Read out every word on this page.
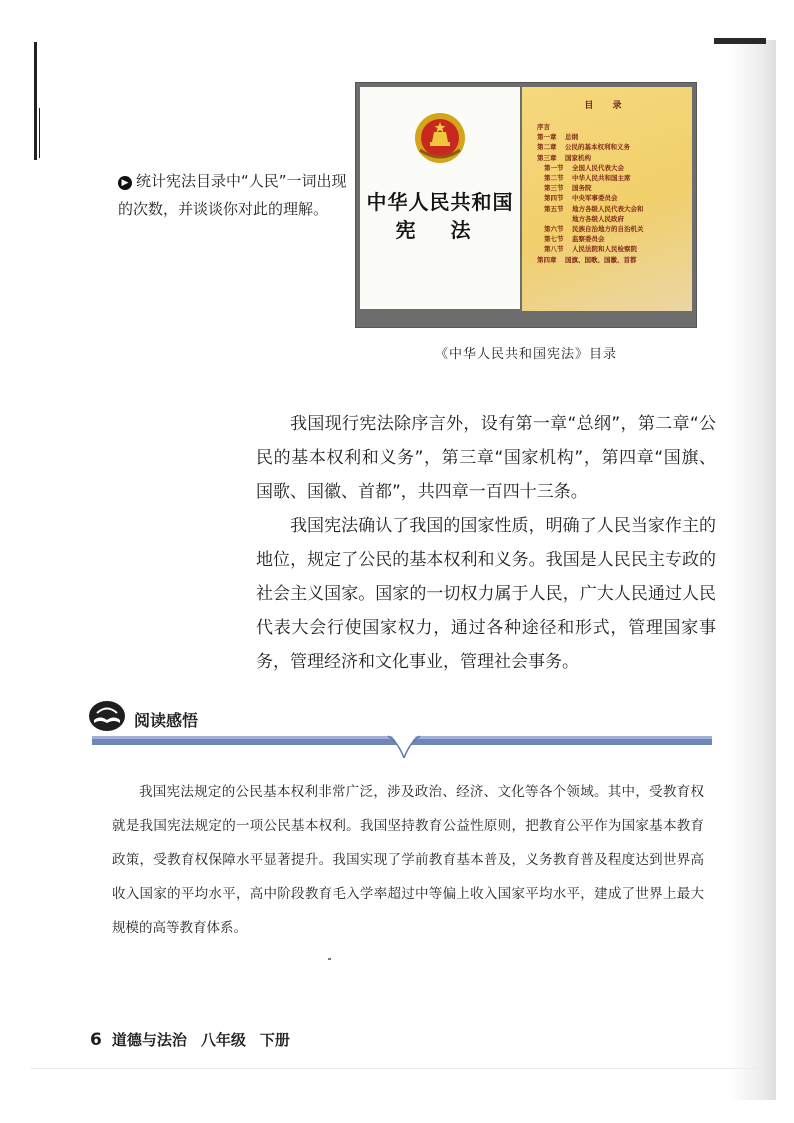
▶ 统计宪法目录中“人民”一词出现的次数，并谈谈你对此的理解。	中华人民共和国
宪 法
目 录
序言
第一章 总纲
第二章 公民的基本权利和义务
第三章 国家机构
第一节 全国人民代表大会
第二节 中华人民共和国主席
第三节 国务院
第四节 中央军事委员会
第五节 地方各级人民代表大会和
地方各级人民政府
第六节 民族自治地方的自治机关
第七节 监察委员会
第八节 人民法院和人民检察院
第四章 国旗、国歌、国徽、首都
《中华人民共和国宪法》目录

我国现行宪法除序言外，设有第一章“总纲”，第二章“公民的基本权利和义务”，第三章“国家机构”，第四章“国旗、国歌、国徽、首都”，共四章一百四十三条。

我国宪法确认了我国的国家性质，明确了人民当家作主的地位，规定了公民的基本权利和义务。我国是人民民主专政的社会主义国家。国家的一切权力属于人民，广大人民通过人民代表大会行使国家权力，通过各种途径和形式，管理国家事务，管理经济和文化事业，管理社会事务。

阅读感悟

我国宪法规定的公民基本权利非常广泛，涉及政治、经济、文化等各个领域。其中，受教育权就是我国宪法规定的一项公民基本权利。我国坚持教育公益性原则，把教育公平作为国家基本教育政策，受教育权保障水平显著提升。我国实现了学前教育基本普及，义务教育普及程度达到世界高收入国家的平均水平，高中阶段教育毛入学率超过中等偏上收入国家平均水平，建成了世界上最大规模的高等教育体系。

6 道德与法治 八年级 下册
